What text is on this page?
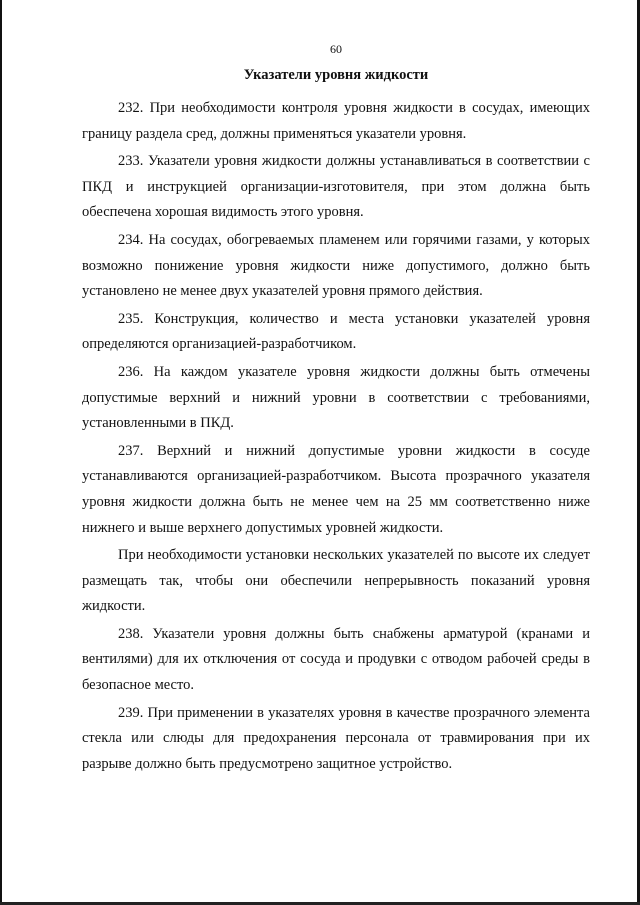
60
Указатели уровня жидкости

232. При необходимости контроля уровня жидкости в сосудах, имеющих границу раздела сред, должны применяться указатели уровня.

233. Указатели уровня жидкости должны устанавливаться в соответствии с ПКД и инструкцией организации-изготовителя, при этом должна быть обеспечена хорошая видимость этого уровня.

234. На сосудах, обогреваемых пламенем или горячими газами, у которых возможно понижение уровня жидкости ниже допустимого, должно быть установлено не менее двух указателей уровня прямого действия.

235. Конструкция, количество и места установки указателей уровня определяются организацией-разработчиком.

236. На каждом указателе уровня жидкости должны быть отмечены допустимые верхний и нижний уровни в соответствии с требованиями, установленными в ПКД.

237. Верхний и нижний допустимые уровни жидкости в сосуде устанавливаются организацией-разработчиком. Высота прозрачного указателя уровня жидкости должна быть не менее чем на 25 мм соответственно ниже нижнего и выше верхнего допустимых уровней жидкости.

При необходимости установки нескольких указателей по высоте их следует размещать так, чтобы они обеспечили непрерывность показаний уровня жидкости.

238. Указатели уровня должны быть снабжены арматурой (кранами и вентилями) для их отключения от сосуда и продувки с отводом рабочей среды в безопасное место.

239. При применении в указателях уровня в качестве прозрачного элемента стекла или слюды для предохранения персонала от травмирования при их разрыве должно быть предусмотрено защитное устройство.
